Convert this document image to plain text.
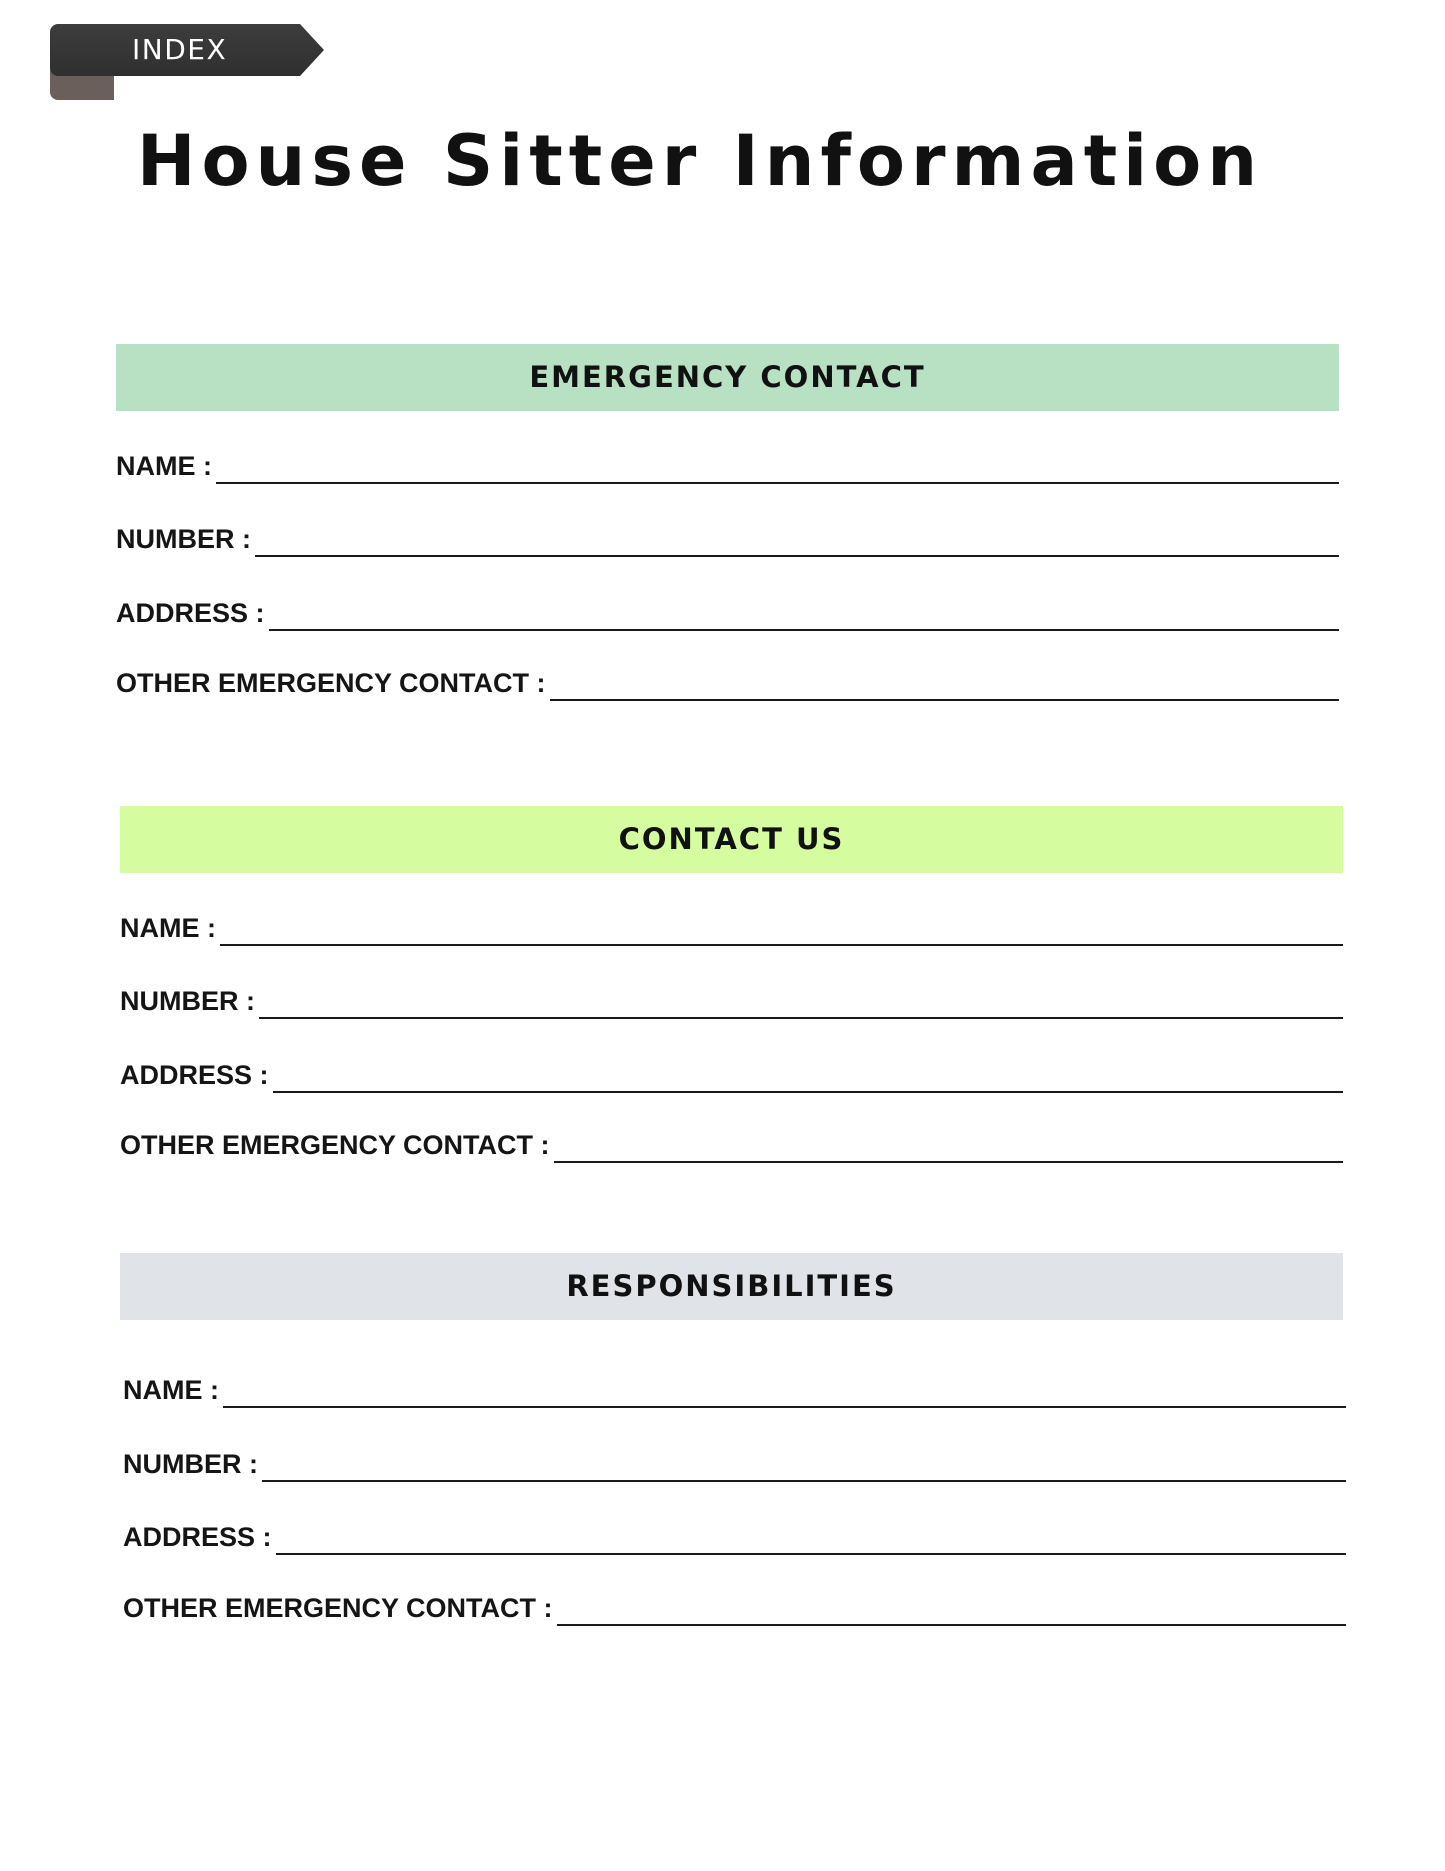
INDEX
House Sitter Information
EMERGENCY CONTACT
NAME :
NUMBER :
ADDRESS :
OTHER EMERGENCY CONTACT :
CONTACT US
NAME :
NUMBER :
ADDRESS :
OTHER EMERGENCY CONTACT :
RESPONSIBILITIES
NAME :
NUMBER :
ADDRESS :
OTHER EMERGENCY CONTACT :
